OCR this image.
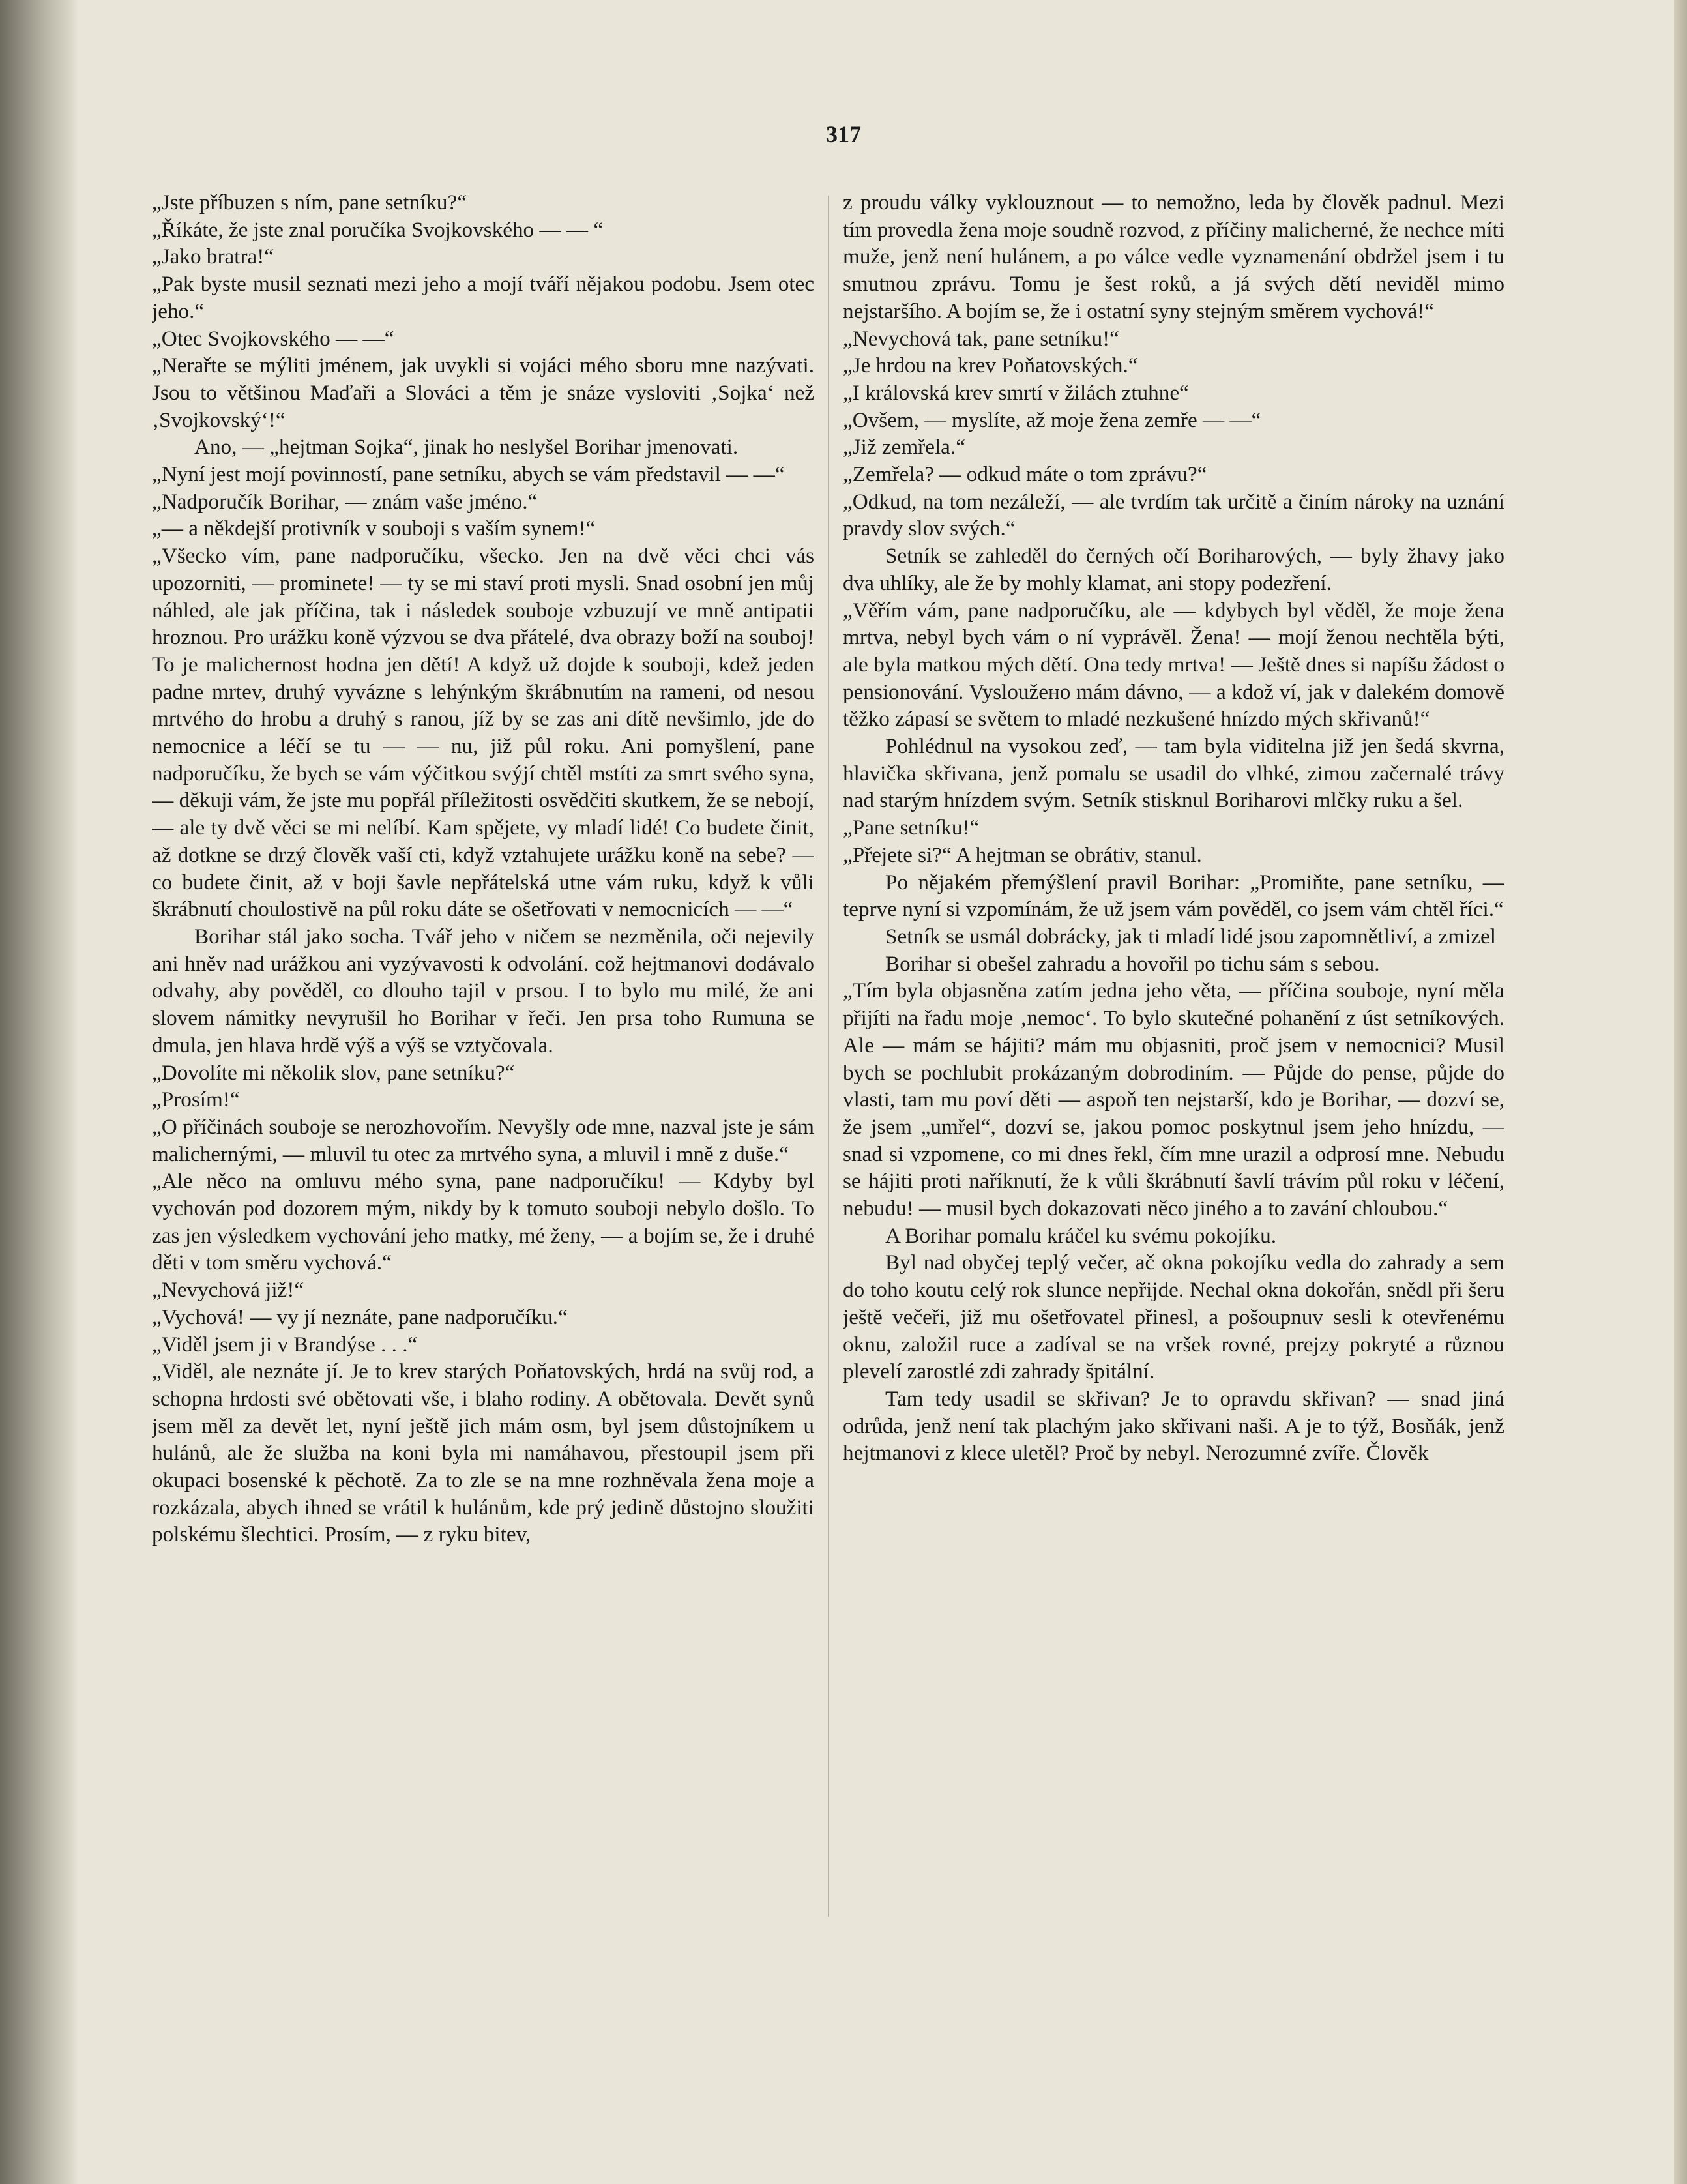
317

„Jste příbuzen s ním, pane setníku?“

„Říkáte, že jste znal poručíka Svojkovského — — “

„Jako bratra!“

„Pak byste musil seznati mezi jeho a mojí tváří nějakou podobu. Jsem otec jeho.“

„Otec Svojkovského — —“

„Nerařte se mýliti jménem, jak uvykli si vojáci mého sboru mne nazývati. Jsou to většinou Maďaři a Slováci a těm je snáze vysloviti ‚Sojka‘ než ‚Svojkovský‘!“

Ano, — „hejtman Sojka“, jinak ho neslyšel Borihar jmenovati.

„Nyní jest mojí povinností, pane setníku, abych se vám představil — —“

„Nadporučík Borihar, — znám vaše jméno.“

„— a někdejší protivník v souboji s vaším synem!“

„Všecko vím, pane nadporučíku, všecko. Jen na dvě věci chci vás upozorniti, — prominete! — ty se mi staví proti mysli. Snad osobní jen můj náhled, ale jak příčina, tak i následek souboje vzbuzují ve mně antipatii hroznou. Pro urážku koně výzvou se dva přátelé, dva obrazy boží na souboj! To je malichernost hodna jen dětí! A když už dojde k souboji, kdež jeden padne mrtev, druhý vyvázne s lehýnkým škrábnutím na rameni, od nesou mrtvého do hrobu a druhý s ranou, jíž by se zas ani dítě nevšimlo, jde do nemocnice a léčí se tu — — nu, již půl roku. Ani pomyšlení, pane nadporučíku, že bych se vám výčitkou svýjí chtěl mstíti za smrt svého syna, — děkuji vám, že jste mu popřál příležitosti osvědčiti skutkem, že se nebojí, — ale ty dvě věci se mi nelíbí. Kam spějete, vy mladí lidé! Co budete činit, až dotkne se drzý člověk vaší cti, když vztahujete urážku koně na sebe? — co budete činit, až v boji šavle nepřátelská utne vám ruku, když k vůli škrábnutí choulostivě na půl roku dáte se ošetřovati v nemocnicích — —“

Borihar stál jako socha. Tvář jeho v ničem se nezměnila, oči nejevily ani hněv nad urážkou ani vyzývavosti k odvolání. což hejtmanovi dodávalo odvahy, aby pověděl, co dlouho tajil v prsou. I to bylo mu milé, že ani slovem námitky nevyrušil ho Borihar v řeči. Jen prsa toho Rumuna se dmula, jen hlava hrdě výš a výš se vztyčovala.

„Dovolíte mi několik slov, pane setníku?“

„Prosím!“

„O příčinách souboje se nerozhovořím. Nevyšly ode mne, nazval jste je sám malichernými, — mluvil tu otec za mrtvého syna, a mluvil i mně z duše.“

„Ale něco na omluvu mého syna, pane nadporučíku! — Kdyby byl vychován pod dozorem mým, nikdy by k tomuto souboji nebylo došlo. To zas jen výsledkem vychování jeho matky, mé ženy, — a bojím se, že i druhé děti v tom směru vychová.“

„Nevychová již!“

„Vychová! — vy jí neznáte, pane nadporučíku.“

„Viděl jsem ji v Brandýse . . .“

„Viděl, ale neznáte jí. Je to krev starých Poňatovských, hrdá na svůj rod, a schopna hrdosti své obětovati vše, i blaho rodiny. A obětovala. Devět synů jsem měl za devět let, nyní ještě jich mám osm, byl jsem důstojníkem u hulánů, ale že služba na koni byla mi namáhavou, přestoupil jsem při okupaci bosenské k pěchotě. Za to zle se na mne rozhněvala žena moje a rozkázala, abych ihned se vrátil k hulánům, kde prý jedině důstojno sloužiti polskému šlechtici. Prosím, — z ryku bitev,

z proudu války vyklouznout — to nemožno, leda by člověk padnul. Mezi tím provedla žena moje soudně rozvod, z příčiny malicherné, že nechce míti muže, jenž není hulánem, a po válce vedle vyznamenání obdržel jsem i tu smutnou zprávu. Tomu je šest roků, a já svých dětí neviděl mimo nejstaršího. A bojím se, že i ostatní syny stejným směrem vychová!“

„Nevychová tak, pane setníku!“

„Je hrdou na krev Poňatovských.“

„I královská krev smrtí v žilách ztuhne“

„Ovšem, — myslíte, až moje žena zemře — —“

„Již zemřela.“

„Zemřela? — odkud máte o tom zprávu?“

„Odkud, na tom nezáleží, — ale tvrdím tak určitě a činím nároky na uznání pravdy slov svých.“

Setník se zahleděl do černých očí Boriharových, — byly žhavy jako dva uhlíky, ale že by mohly klamat, ani stopy podezření.

„Věřím vám, pane nadporučíku, ale — kdybych byl věděl, že moje žena mrtva, nebyl bych vám o ní vyprávěl. Žena! — mojí ženou nechtěla býti, ale byla matkou mých dětí. Ona tedy mrtva! — Ještě dnes si napíšu žádost o pensionování. Vysloužено mám dávno, — a kdož ví, jak v dalekém domově těžko zápasí se světem to mladé nezkušené hnízdo mých skřivanů!“

Pohlédnul na vysokou zeď, — tam byla viditelna již jen šedá skvrna, hlavička skřivana, jenž pomalu se usadil do vlhké, zimou začernalé trávy nad starým hnízdem svým. Setník stisknul Boriharovi mlčky ruku a šel.

„Pane setníku!“

„Přejete si?“ A hejtman se obrátiv, stanul.

Po nějakém přemýšlení pravil Borihar: „Promiňte, pane setníku, — teprve nyní si vzpomínám, že už jsem vám pověděl, co jsem vám chtěl říci.“

Setník se usmál dobrácky, jak ti mladí lidé jsou zapomnětliví, a zmizel

Borihar si obešel zahradu a hovořil po tichu sám s sebou.

„Tím byla objasněna zatím jedna jeho věta, — příčina souboje, nyní měla přijíti na řadu moje ‚nemoc‘. To bylo skutečné pohanění z úst setníkových. Ale — mám se hájiti? mám mu objasniti, proč jsem v nemocnici? Musil bych se pochlubit prokázaným dobrodiním. — Půjde do pense, půjde do vlasti, tam mu poví děti — aspoň ten nejstarší, kdo je Borihar, — dozví se, že jsem „umřel“, dozví se, jakou pomoc poskytnul jsem jeho hnízdu, — snad si vzpomene, co mi dnes řekl, čím mne urazil a odprosí mne. Nebudu se hájiti proti naříknutí, že k vůli škrábnutí šavlí trávím půl roku v léčení, nebudu! — musil bych dokazovati něco jiného a to zavání chloubou.“

A Borihar pomalu kráčel ku svému pokojíku.

Byl nad obyčej teplý večer, ač okna pokojíku vedla do zahrady a sem do toho koutu celý rok slunce nepřijde. Nechal okna dokořán, snědl při šeru ještě večeři, již mu ošetřovatel přinesl, a pošoupnuv sesli k otevřenému oknu, založil ruce a zadíval se na vršek rovné, prejzy pokryté a různou plevelí zarostlé zdi zahrady špitální.

Tam tedy usadil se skřivan? Je to opravdu skřivan? — snad jiná odrůda, jenž není tak plachým jako skřivani naši. A je to týž, Bosňák, jenž hejtmanovi z klece uletěl? Proč by nebyl. Nerozumné zvíře. Člověk
